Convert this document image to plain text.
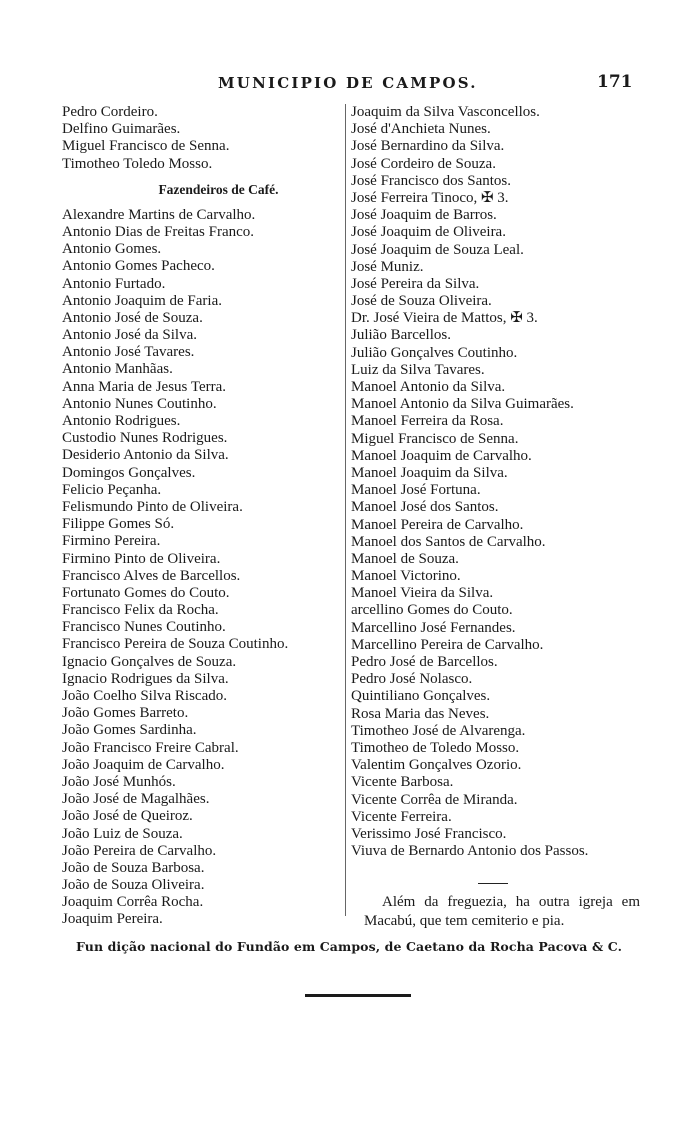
MUNICIPIO DE CAMPOS.	171
Pedro Cordeiro.
Delfino Guimarães.
Miguel Francisco de Senna.
Timotheo Toledo Mosso.
Fazendeiros de Café.
Alexandre Martins de Carvalho.
Antonio Dias de Freitas Franco.
Antonio Gomes.
Antonio Gomes Pacheco.
Antonio Furtado.
Antonio Joaquim de Faria.
Antonio José de Souza.
Antonio José da Silva.
Antonio José Tavares.
Antonio Manhãas.
Anna Maria de Jesus Terra.
Antonio Nunes Coutinho.
Antonio Rodrigues.
Custodio Nunes Rodrigues.
Desiderio Antonio da Silva.
Domingos Gonçalves.
Felicio Peçanha.
Felismundo Pinto de Oliveira.
Filippe Gomes Só.
Firmino Pereira.
Firmino Pinto de Oliveira.
Francisco Alves de Barcellos.
Fortunato Gomes do Couto.
Francisco Felix da Rocha.
Francisco Nunes Coutinho.
Francisco Pereira de Souza Coutinho.
Ignacio Gonçalves de Souza.
Ignacio Rodrigues da Silva.
João Coelho Silva Riscado.
João Gomes Barreto.
João Gomes Sardinha.
João Francisco Freire Cabral.
João Joaquim de Carvalho.
João José Munhós.
João José de Magalhães.
João José de Queiroz.
João Luiz de Souza.
João Pereira de Carvalho.
João de Souza Barbosa.
João de Souza Oliveira.
Joaquim Corrêa Rocha.
Joaquim Pereira.
Joaquim da Silva Vasconcellos.
José d'Anchieta Nunes.
José Bernardino da Silva.
José Cordeiro de Souza.
José Francisco dos Santos.
José Ferreira Tinoco, ✠ 3.
José Joaquim de Barros.
José Joaquim de Oliveira.
José Joaquim de Souza Leal.
José Muniz.
José Pereira da Silva.
José de Souza Oliveira.
Dr. José Vieira de Mattos, ✠ 3.
Julião Barcellos.
Julião Gonçalves Coutinho.
Luiz da Silva Tavares.
Manoel Antonio da Silva.
Manoel Antonio da Silva Guimarães.
Manoel Ferreira da Rosa.
Miguel Francisco de Senna.
Manoel Joaquim de Carvalho.
Manoel Joaquim da Silva.
Manoel José Fortuna.
Manoel José dos Santos.
Manoel Pereira de Carvalho.
Manoel dos Santos de Carvalho.
Manoel de Souza.
Manoel Victorino.
Manoel Vieira da Silva.
arcellino Gomes do Couto.
Marcellino José Fernandes.
Marcellino Pereira de Carvalho.
Pedro José de Barcellos.
Pedro José Nolasco.
Quintiliano Gonçalves.
Rosa Maria das Neves.
Timotheo José de Alvarenga.
Timotheo de Toledo Mosso.
Valentim Gonçalves Ozorio.
Vicente Barbosa.
Vicente Corrêa de Miranda.
Vicente Ferreira.
Verissimo José Francisco.
Viuva de Bernardo Antonio dos Passos.
Além da freguezia, ha outra igreja em Macabú, que tem cemiterio e pia.
Fun dição nacional do Fundão em Campos, de Caetano da Rocha Pacova & C.
